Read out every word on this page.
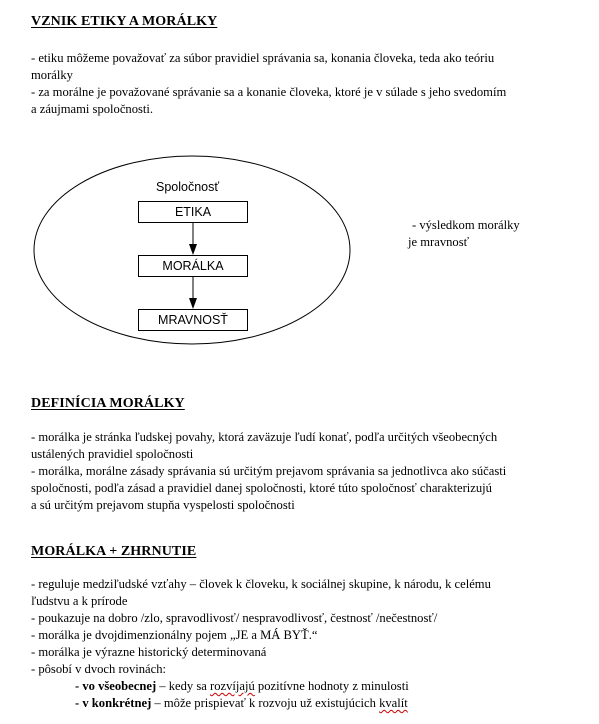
VZNIK ETIKY A MORÁLKY
- etiku môžeme považovať za súbor pravidiel správania sa, konania človeka, teda ako teóriu
morálky
- za morálne je považované správanie sa a konanie človeka, ktoré je v súlade s jeho svedomím
a záujmami spoločnosti.
Spoločnosť
ETIKA
MORÁLKA
MRAVNOSŤ
- výsledkom morálky
je mravnosť
DEFINÍCIA MORÁLKY
- morálka je stránka ľudskej povahy, ktorá zaväzuje ľudí konať, podľa určitých všeobecných
ustálených pravidiel spoločnosti
- morálka, morálne zásady správania sú určitým prejavom správania sa jednotlivca ako súčasti
spoločnosti, podľa zásad a pravidiel danej spoločnosti, ktoré túto spoločnosť charakterizujú
a sú určitým prejavom stupňa vyspelosti spoločnosti
MORÁLKA + ZHRNUTIE
- reguluje medziľudské vzťahy – človek k človeku, k sociálnej skupine, k národu, k celému
ľudstvu a k prírode
- poukazuje na dobro /zlo, spravodlivosť/ nespravodlivosť, čestnosť /nečestnosť/
- morálka je dvojdimenzionálny pojem „JE a MÁ BYŤ.“
- morálka je výrazne historický determinovaná
- pôsobí v dvoch rovinách:
- vo všeobecnej – kedy sa rozvíjajú pozitívne hodnoty z minulosti
- v konkrétnej – môže prispievať k rozvoju už existujúcich kvalít
